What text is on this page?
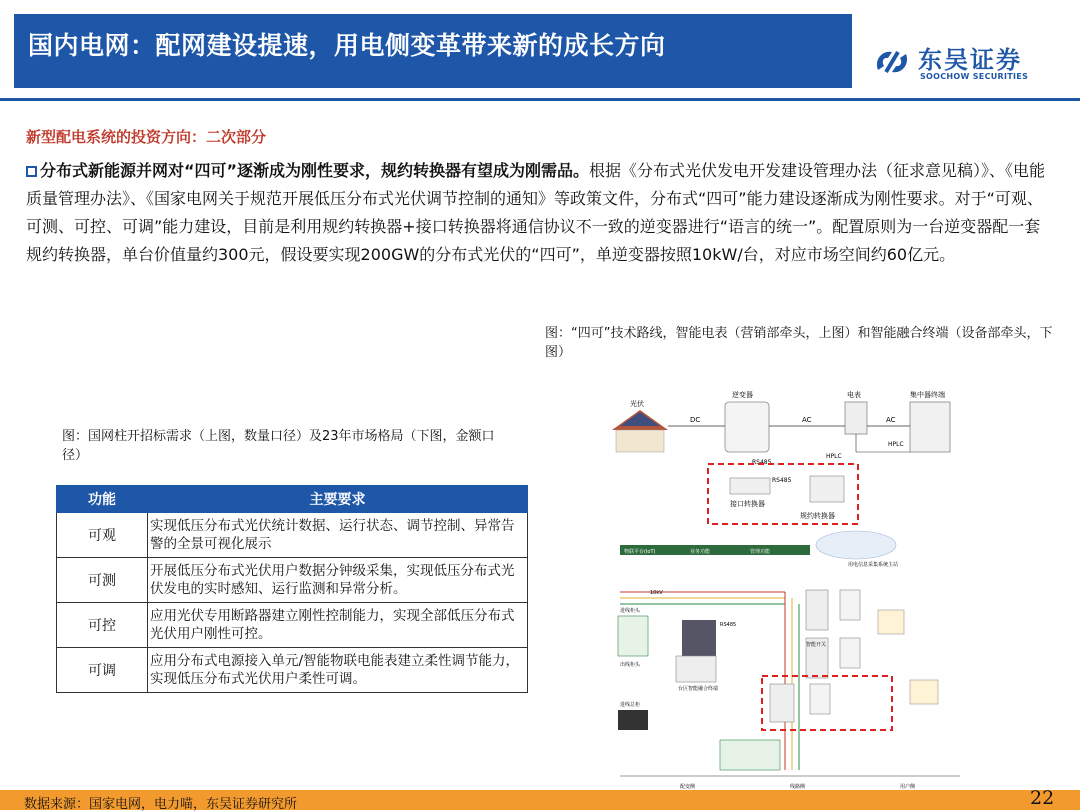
国内电网：配网建设提速，用电侧变革带来新的成长方向	东吴证券
SOOCHOW SECURITIES
新型配电系统的投资方向：二次部分
分布式新能源并网对“四可”逐渐成为刚性要求，规约转换器有望成为刚需品。根据《分布式光伏发电开发建设管理办法（征求意见稿）》、《电能质量管理办法》、《国家电网关于规范开展低压分布式光伏调节控制的通知》等政策文件，分布式“四可”能力建设逐渐成为刚性要求。对于“可观、可测、可控、可调”能力建设，目前是利用规约转换器+接口转换器将通信协议不一致的逆变器进行“语言的统一”。配置原则为一台逆变器配一套规约转换器，单台价值量约300元，假设要实现200GW的分布式光伏的“四可”，单逆变器按照10kW/台，对应市场空间约60亿元。
图：“四可”技术路线，智能电表（营销部牵头，上图）和智能融合终端（设备部牵头，下图）
图：国网柱开招标需求（上图，数量口径）及23年市场格局（下图，金额口径）
功能	主要要求
可观	实现低压分布式光伏统计数据、运行状态、调节控制、异常告警的全景可视化展示
可测	开展低压分布式光伏用户数据分钟级采集，实现低压分布式光伏发电的实时感知、运行监测和异常分析。
可控	应用光伏专用断路器建立刚性控制能力，实现全部低压分布式光伏用户刚性可控。
可调	应用分布式电源接入单元/智能物联电能表建立柔性调节能力，实现低压分布式光伏用户柔性可调。
光伏
逆变器	电表	集中器终端
DC	AC	AC
HPLC
HPLC
RS485
接口转换器
RS485
规约转换器
物联平台(IoT)	业务功能	管理功能
用电信息采集系统主站
10kV
进线柜头
出线柜头
进线总柜
RS485
台区智能融合终端
智能开关
配变侧	线路侧	用户侧
数据来源：国家电网，电力喵，东吴证券研究所	22
